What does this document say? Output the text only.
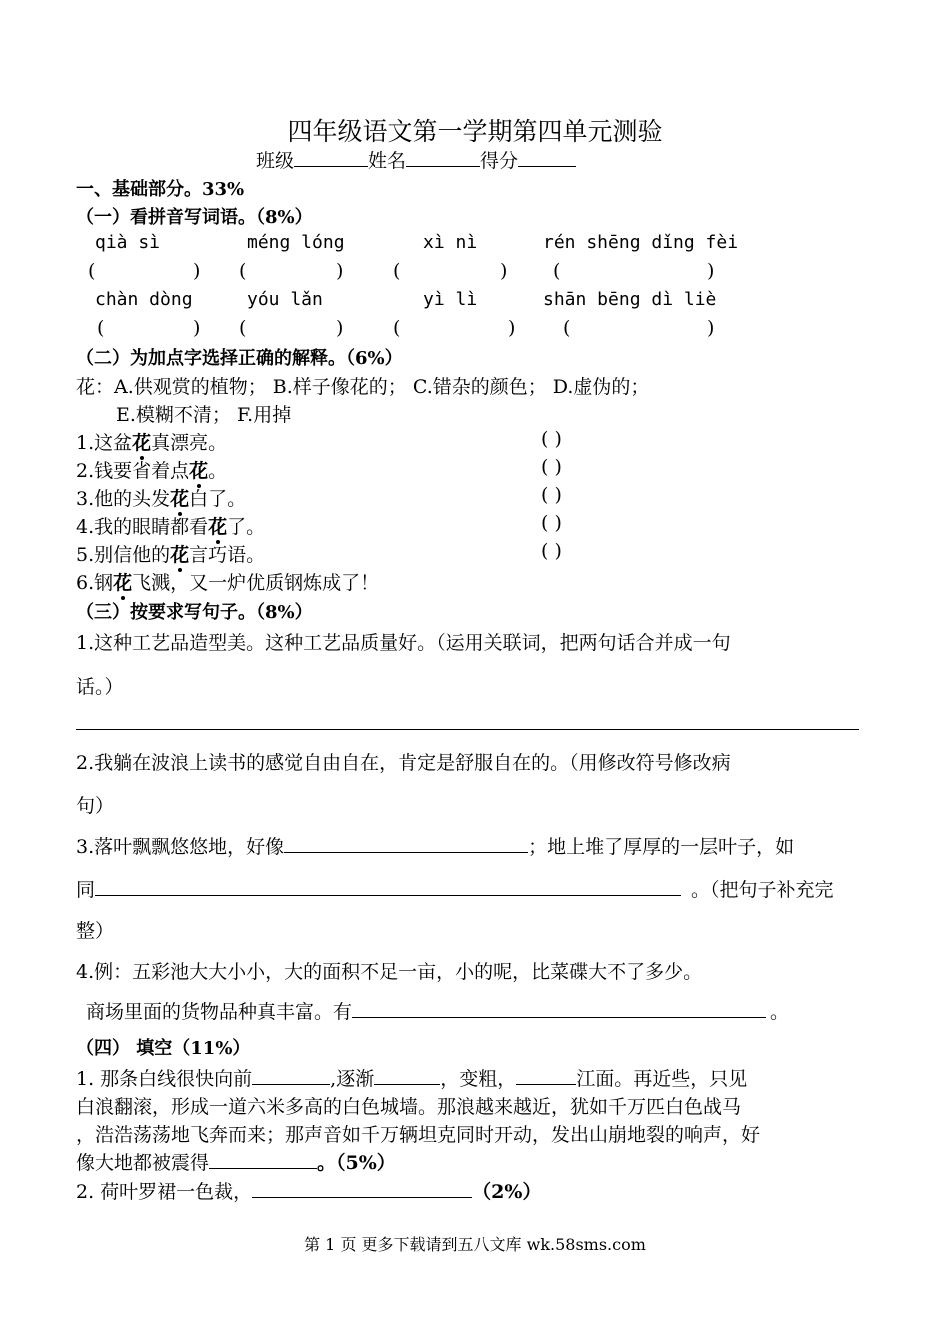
四年级语文第一学期第四单元测验
班级	姓名	得分
一、基础部分。33%
（一）看拼音写词语。（8%）
qià sì	méng lóng	xì nì	rén shēng dǐng fèi
(	) (	)	(	) (	)
chàn dòng	yóu lǎn	yì lì	shān bēng dì liè
(	) (	)	(	)	(	)
（二）为加点字选择正确的解释。（6%）
花：A.供观赏的植物； B.样子像花的； C.错杂的颜色； D.虚伪的；
E.模糊不清； F.用掉
1.这盆花真漂亮。	( )
2.钱要省着点花。	( )
3.他的头发花白了。	( )
4.我的眼睛都看花了。	( )
5.别信他的花言巧语。	( )
6.钢花飞溅，又一炉优质钢炼成了！
（三）按要求写句子。（8%）
1.这种工艺品造型美。这种工艺品质量好。（运用关联词，把两句话合并成一句
话。）
2.我躺在波浪上读书的感觉自由自在，肯定是舒服自在的。（用修改符号修改病
句）
3.落叶飘飘悠悠地，好像	；地上堆了厚厚的一层叶子，如
同	。（把句子补充完
整）
4.例：五彩池大大小小，大的面积不足一亩，小的呢，比菜碟大不了多少。
商场里面的货物品种真丰富。有	。
（四） 填空（11%）
1. 那条白线很快向前	,逐渐	，变粗，	江面。再近些，只见
白浪翻滚，形成一道六米多高的白色城墙。那浪越来越近，犹如千万匹白色战马
，浩浩荡荡地飞奔而来；那声音如千万辆坦克同时开动，发出山崩地裂的响声，好
像大地都被震得	。（5%）
2. 荷叶罗裙一色裁，	（2%）
第 1 页 更多下载请到五八文库 wk.58sms.com
